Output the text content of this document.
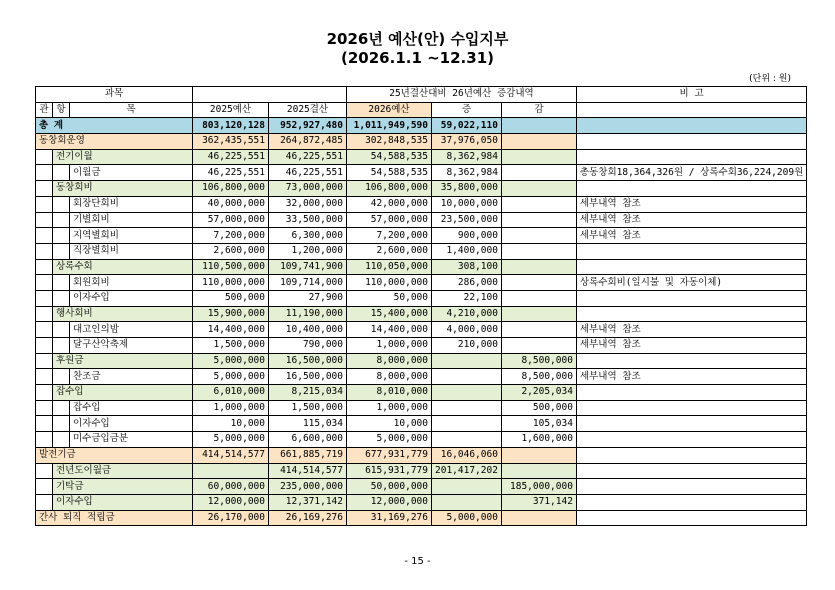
2026년 예산(안) 수입지부
(2026.1.1 ~12.31)
(단위 : 원)
과목					25년결산대비 26년예산 증감내역			비 고
관	항	목	2025예산	2025결산	2026예산	증	감	
총 계			803,120,128	952,927,480	1,011,949,590	59,022,110		
동창회운영			362,435,551	264,872,485	302,848,535	37,976,050		
	전기이월		46,225,551	46,225,551	54,588,535	8,362,984		
		이월금	46,225,551	46,225,551	54,588,535	8,362,984		총동창회18,364,326원 / 상록수회36,224,209원
	동창회비		106,800,000	73,000,000	106,800,000	35,800,000		
		회장단회비	40,000,000	32,000,000	42,000,000	10,000,000		세부내역 참조
		기별회비	57,000,000	33,500,000	57,000,000	23,500,000		세부내역 참조
		지역별회비	7,200,000	6,300,000	7,200,000	900,000		세부내역 참조
		직장별회비	2,600,000	1,200,000	2,600,000	1,400,000		
	상록수회		110,500,000	109,741,900	110,050,000	308,100		
		회원회비	110,000,000	109,714,000	110,000,000	286,000		상록수회비(일시불 및 자동이체)
		이자수입	500,000	27,900	50,000	22,100		
	행사회비		15,900,000	11,190,000	15,400,000	4,210,000		
		대고인의밤	14,400,000	10,400,000	14,400,000	4,000,000		세부내역 참조
		달구산악축제	1,500,000	790,000	1,000,000	210,000		세부내역 참조
	후원금		5,000,000	16,500,000	8,000,000		8,500,000	
		찬조금	5,000,000	16,500,000	8,000,000		8,500,000	세부내역 참조
	잡수입		6,010,000	8,215,034	8,010,000		2,205,034	
		잡수입	1,000,000	1,500,000	1,000,000		500,000	
		이자수입	10,000	115,034	10,000		105,034	
		미수금입금분	5,000,000	6,600,000	5,000,000		1,600,000	
발전기금			414,514,577	661,885,719	677,931,779	16,046,060		
	전년도이월금			414,514,577	615,931,779	201,417,202		
	기탁금		60,000,000	235,000,000	50,000,000		185,000,000	
	이자수입		12,000,000	12,371,142	12,000,000		371,142	
간사 퇴직 적립금			26,170,000	26,169,276	31,169,276	5,000,000		
- 15 -
